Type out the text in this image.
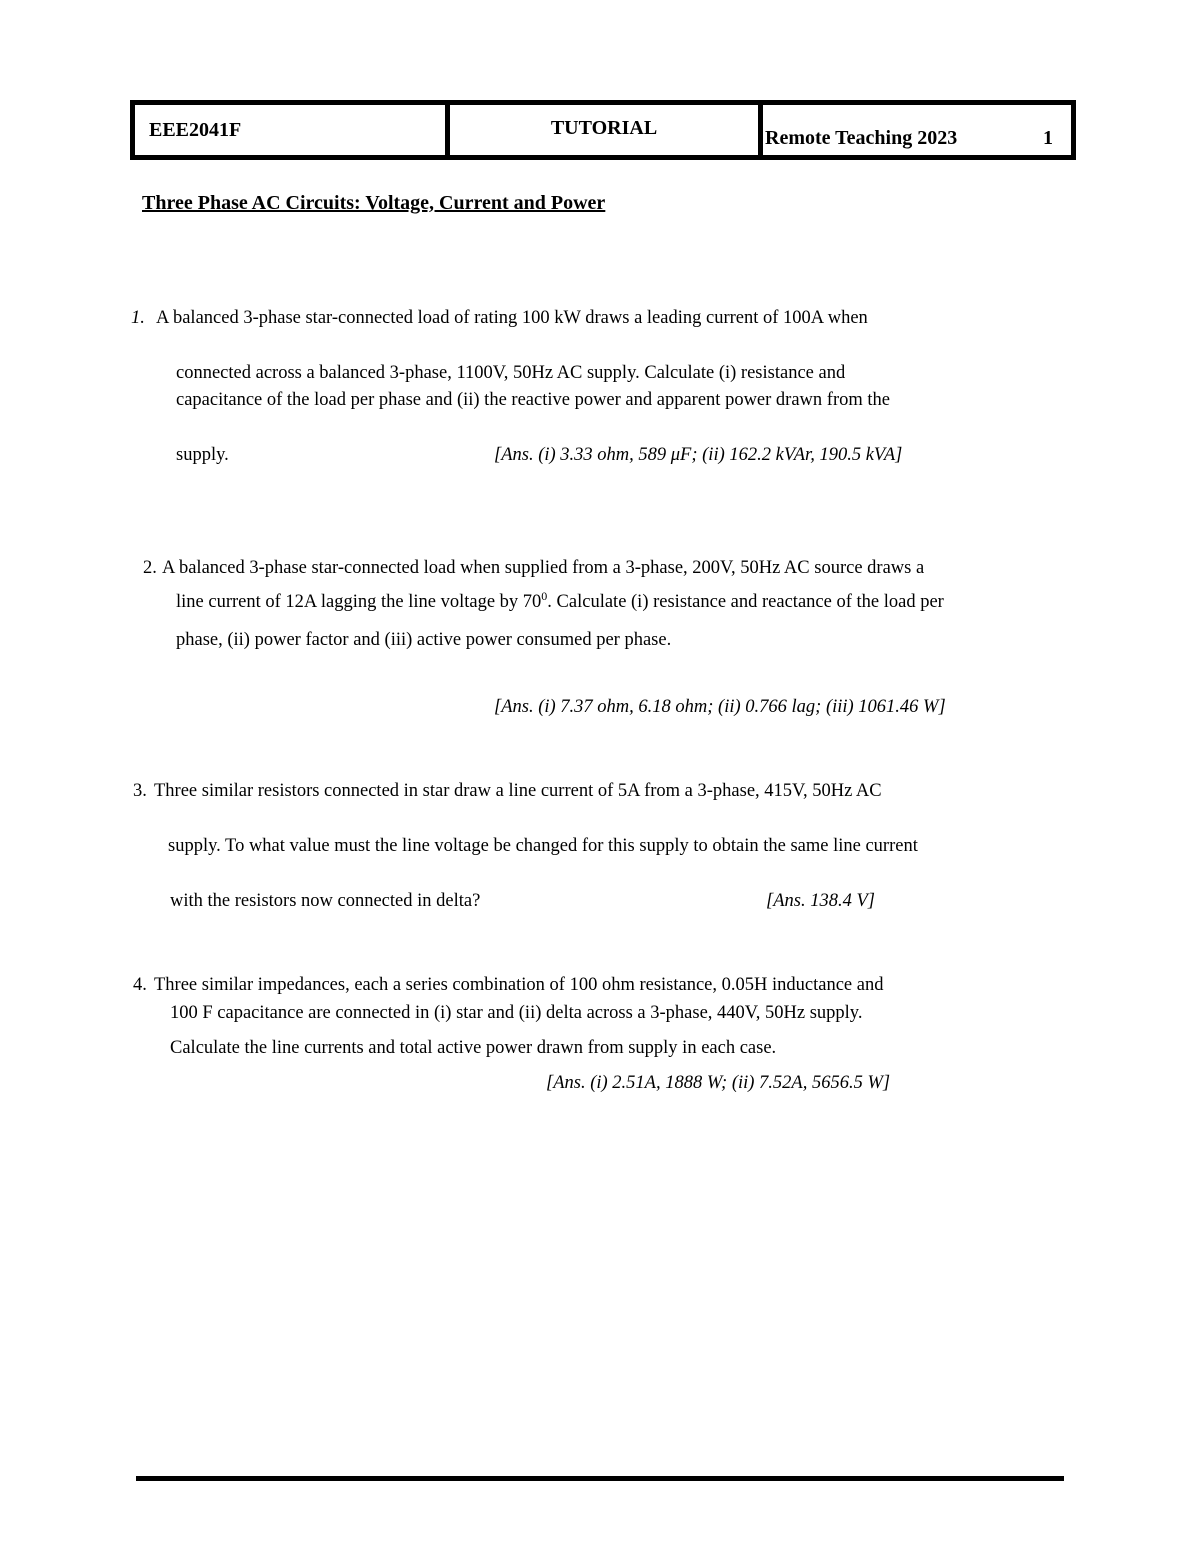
EEE2041F	TUTORIAL	Remote Teaching 2023	1
Three Phase AC Circuits: Voltage, Current and Power
1. A balanced 3-phase star-connected load of rating 100 kW draws a leading current of 100A when
connected across a balanced 3-phase, 1100V, 50Hz AC supply. Calculate (i) resistance and
capacitance of the load per phase and (ii) the reactive power and apparent power drawn from the
supply.	[Ans. (i) 3.33 ohm, 589 μF; (ii) 162.2 kVAr, 190.5 kVA]
2. A balanced 3-phase star-connected load when supplied from a 3-phase, 200V, 50Hz AC source draws a
line current of 12A lagging the line voltage by $70^0$. Calculate (i) resistance and reactance of the load per
phase, (ii) power factor and (iii) active power consumed per phase.
[Ans. (i) 7.37 ohm, 6.18 ohm; (ii) 0.766 lag; (iii) 1061.46 W]
3. Three similar resistors connected in star draw a line current of 5A from a 3-phase, 415V, 50Hz AC
supply. To what value must the line voltage be changed for this supply to obtain the same line current
with the resistors now connected in delta?	[Ans. 138.4 V]
4. Three similar impedances, each a series combination of 100 ohm resistance, 0.05H inductance and
100 F capacitance are connected in (i) star and (ii) delta across a 3-phase, 440V, 50Hz supply.
Calculate the line currents and total active power drawn from supply in each case.
[Ans. (i) 2.51A, 1888 W; (ii) 7.52A, 5656.5 W]
